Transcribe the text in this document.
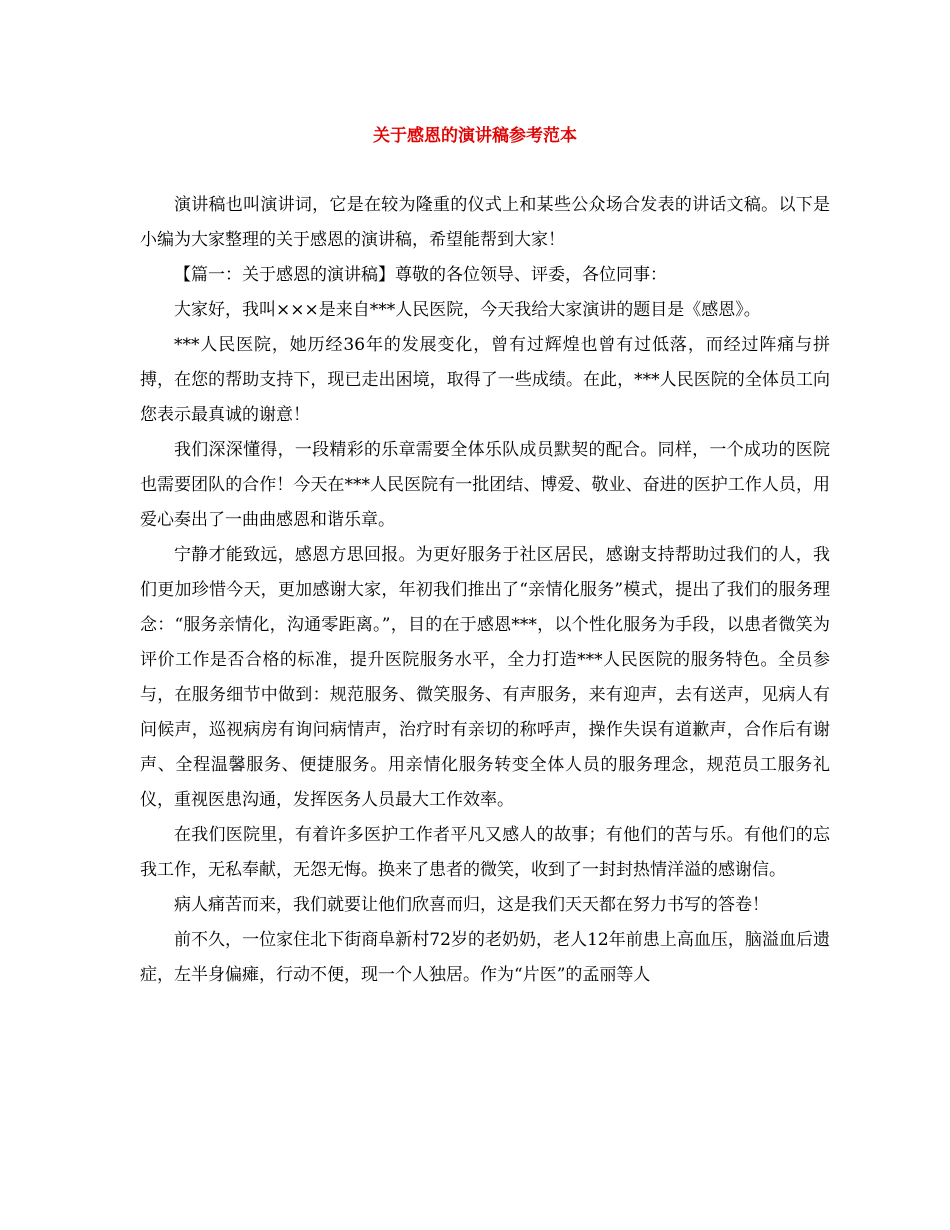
关于感恩的演讲稿参考范本

演讲稿也叫演讲词，它是在较为隆重的仪式上和某些公众场合发表的讲话文稿。以下是小编为大家整理的关于感恩的演讲稿，希望能帮到大家！

【篇一：关于感恩的演讲稿】尊敬的各位领导、评委，各位同事：

大家好，我叫×××是来自***人民医院，今天我给大家演讲的题目是《感恩》。

***人民医院，她历经36年的发展变化，曾有过辉煌也曾有过低落，而经过阵痛与拼搏，在您的帮助支持下，现已走出困境，取得了一些成绩。在此，***人民医院的全体员工向您表示最真诚的谢意！

我们深深懂得，一段精彩的乐章需要全体乐队成员默契的配合。同样，一个成功的医院也需要团队的合作！今天在***人民医院有一批团结、博爱、敬业、奋进的医护工作人员，用爱心奏出了一曲曲感恩和谐乐章。

宁静才能致远，感恩方思回报。为更好服务于社区居民，感谢支持帮助过我们的人，我们更加珍惜今天，更加感谢大家，年初我们推出了“亲情化服务”模式，提出了我们的服务理念：“服务亲情化，沟通零距离。”，目的在于感恩***，以个性化服务为手段，以患者微笑为评价工作是否合格的标准，提升医院服务水平，全力打造***人民医院的服务特色。全员参与，在服务细节中做到：规范服务、微笑服务、有声服务，来有迎声，去有送声，见病人有问候声，巡视病房有询问病情声，治疗时有亲切的称呼声，操作失误有道歉声，合作后有谢声、全程温馨服务、便捷服务。用亲情化服务转变全体人员的服务理念，规范员工服务礼仪，重视医患沟通，发挥医务人员最大工作效率。

在我们医院里，有着许多医护工作者平凡又感人的故事；有他们的苦与乐。有他们的忘我工作，无私奉献，无怨无悔。换来了患者的微笑，收到了一封封热情洋溢的感谢信。

病人痛苦而来，我们就要让他们欣喜而归，这是我们天天都在努力书写的答卷！

前不久，一位家住北下街商阜新村72岁的老奶奶，老人12年前患上高血压，脑溢血后遗症，左半身偏瘫，行动不便，现一个人独居。作为“片医”的孟丽等人
